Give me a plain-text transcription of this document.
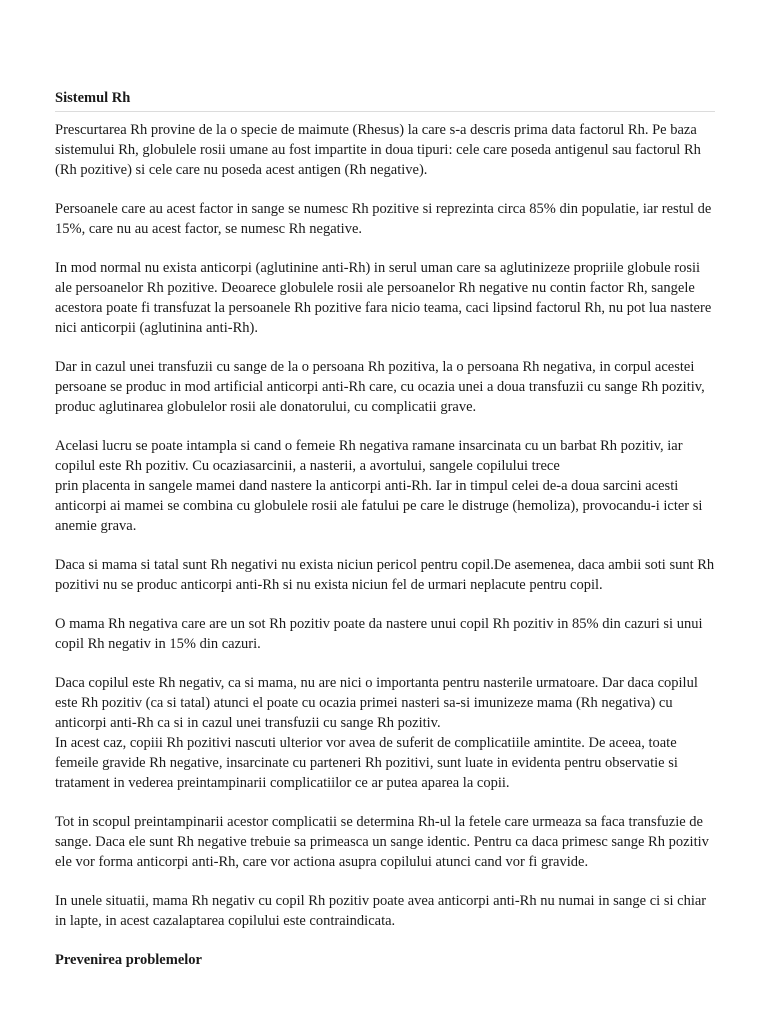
Sistemul Rh

Prescurtarea Rh provine de la o specie de maimute (Rhesus) la care s-a descris prima data factorul Rh. Pe baza sistemului Rh, globulele rosii umane au fost impartite in doua tipuri: cele care poseda antigenul sau factorul Rh (Rh pozitive) si cele care nu poseda acest antigen (Rh negative).

Persoanele care au acest factor in sange se numesc Rh pozitive si reprezinta circa 85% din populatie, iar restul de 15%, care nu au acest factor, se numesc Rh negative.

In mod normal nu exista anticorpi (aglutinine anti-Rh) in serul uman care sa aglutinizeze propriile globule rosii ale persoanelor Rh pozitive. Deoarece globulele rosii ale persoanelor Rh negative nu contin factor Rh, sangele acestora poate fi transfuzat la persoanele Rh pozitive fara nicio teama, caci lipsind factorul Rh, nu pot lua nastere nici anticorpii (aglutinina anti-Rh).

Dar in cazul unei transfuzii cu sange de la o persoana Rh pozitiva, la o persoana Rh negativa, in corpul acestei persoane se produc in mod artificial anticorpi anti-Rh care, cu ocazia unei a doua transfuzii cu sange Rh pozitiv, produc aglutinarea globulelor rosii ale donatorului, cu complicatii grave.

Acelasi lucru se poate intampla si cand o femeie Rh negativa ramane insarcinata cu un barbat Rh pozitiv, iar copilul este Rh pozitiv. Cu ocaziasarcinii, a nasterii, a avortului, sangele copilului trece
prin placenta in sangele mamei dand nastere la anticorpi anti-Rh. Iar in timpul celei de-a doua sarcini acesti anticorpi ai mamei se combina cu globulele rosii ale fatului pe care le distruge (hemoliza), provocandu-i icter si anemie grava.

Daca si mama si tatal sunt Rh negativi nu exista niciun pericol pentru copil.De asemenea, daca ambii soti sunt Rh pozitivi nu se produc anticorpi anti-Rh si nu exista niciun fel de urmari neplacute pentru copil.

O mama Rh negativa care are un sot Rh pozitiv poate da nastere unui copil Rh pozitiv in 85% din cazuri si unui copil Rh negativ in 15% din cazuri.

Daca copilul este Rh negativ, ca si mama, nu are nici o importanta pentru nasterile urmatoare. Dar daca copilul este Rh pozitiv (ca si tatal) atunci el poate cu ocazia primei nasteri sa-si imunizeze mama (Rh negativa) cu anticorpi anti-Rh ca si in cazul unei transfuzii cu sange Rh pozitiv.
In acest caz, copiii Rh pozitivi nascuti ulterior vor avea de suferit de complicatiile amintite. De aceea, toate femeile gravide Rh negative, insarcinate cu parteneri Rh pozitivi, sunt luate in evidenta pentru observatie si tratament in vederea preintampinarii complicatiilor ce ar putea aparea la copii.

Tot in scopul preintampinarii acestor complicatii se determina Rh-ul la fetele care urmeaza sa faca transfuzie de sange. Daca ele sunt Rh negative trebuie sa primeasca un sange identic. Pentru ca daca primesc sange Rh pozitiv ele vor forma anticorpi anti-Rh, care vor actiona asupra copilului atunci cand vor fi gravide.

In unele situatii, mama Rh negativ cu copil Rh pozitiv poate avea anticorpi anti-Rh nu numai in sange ci si chiar in lapte, in acest cazalaptarea copilului este contraindicata.

Prevenirea problemelor
